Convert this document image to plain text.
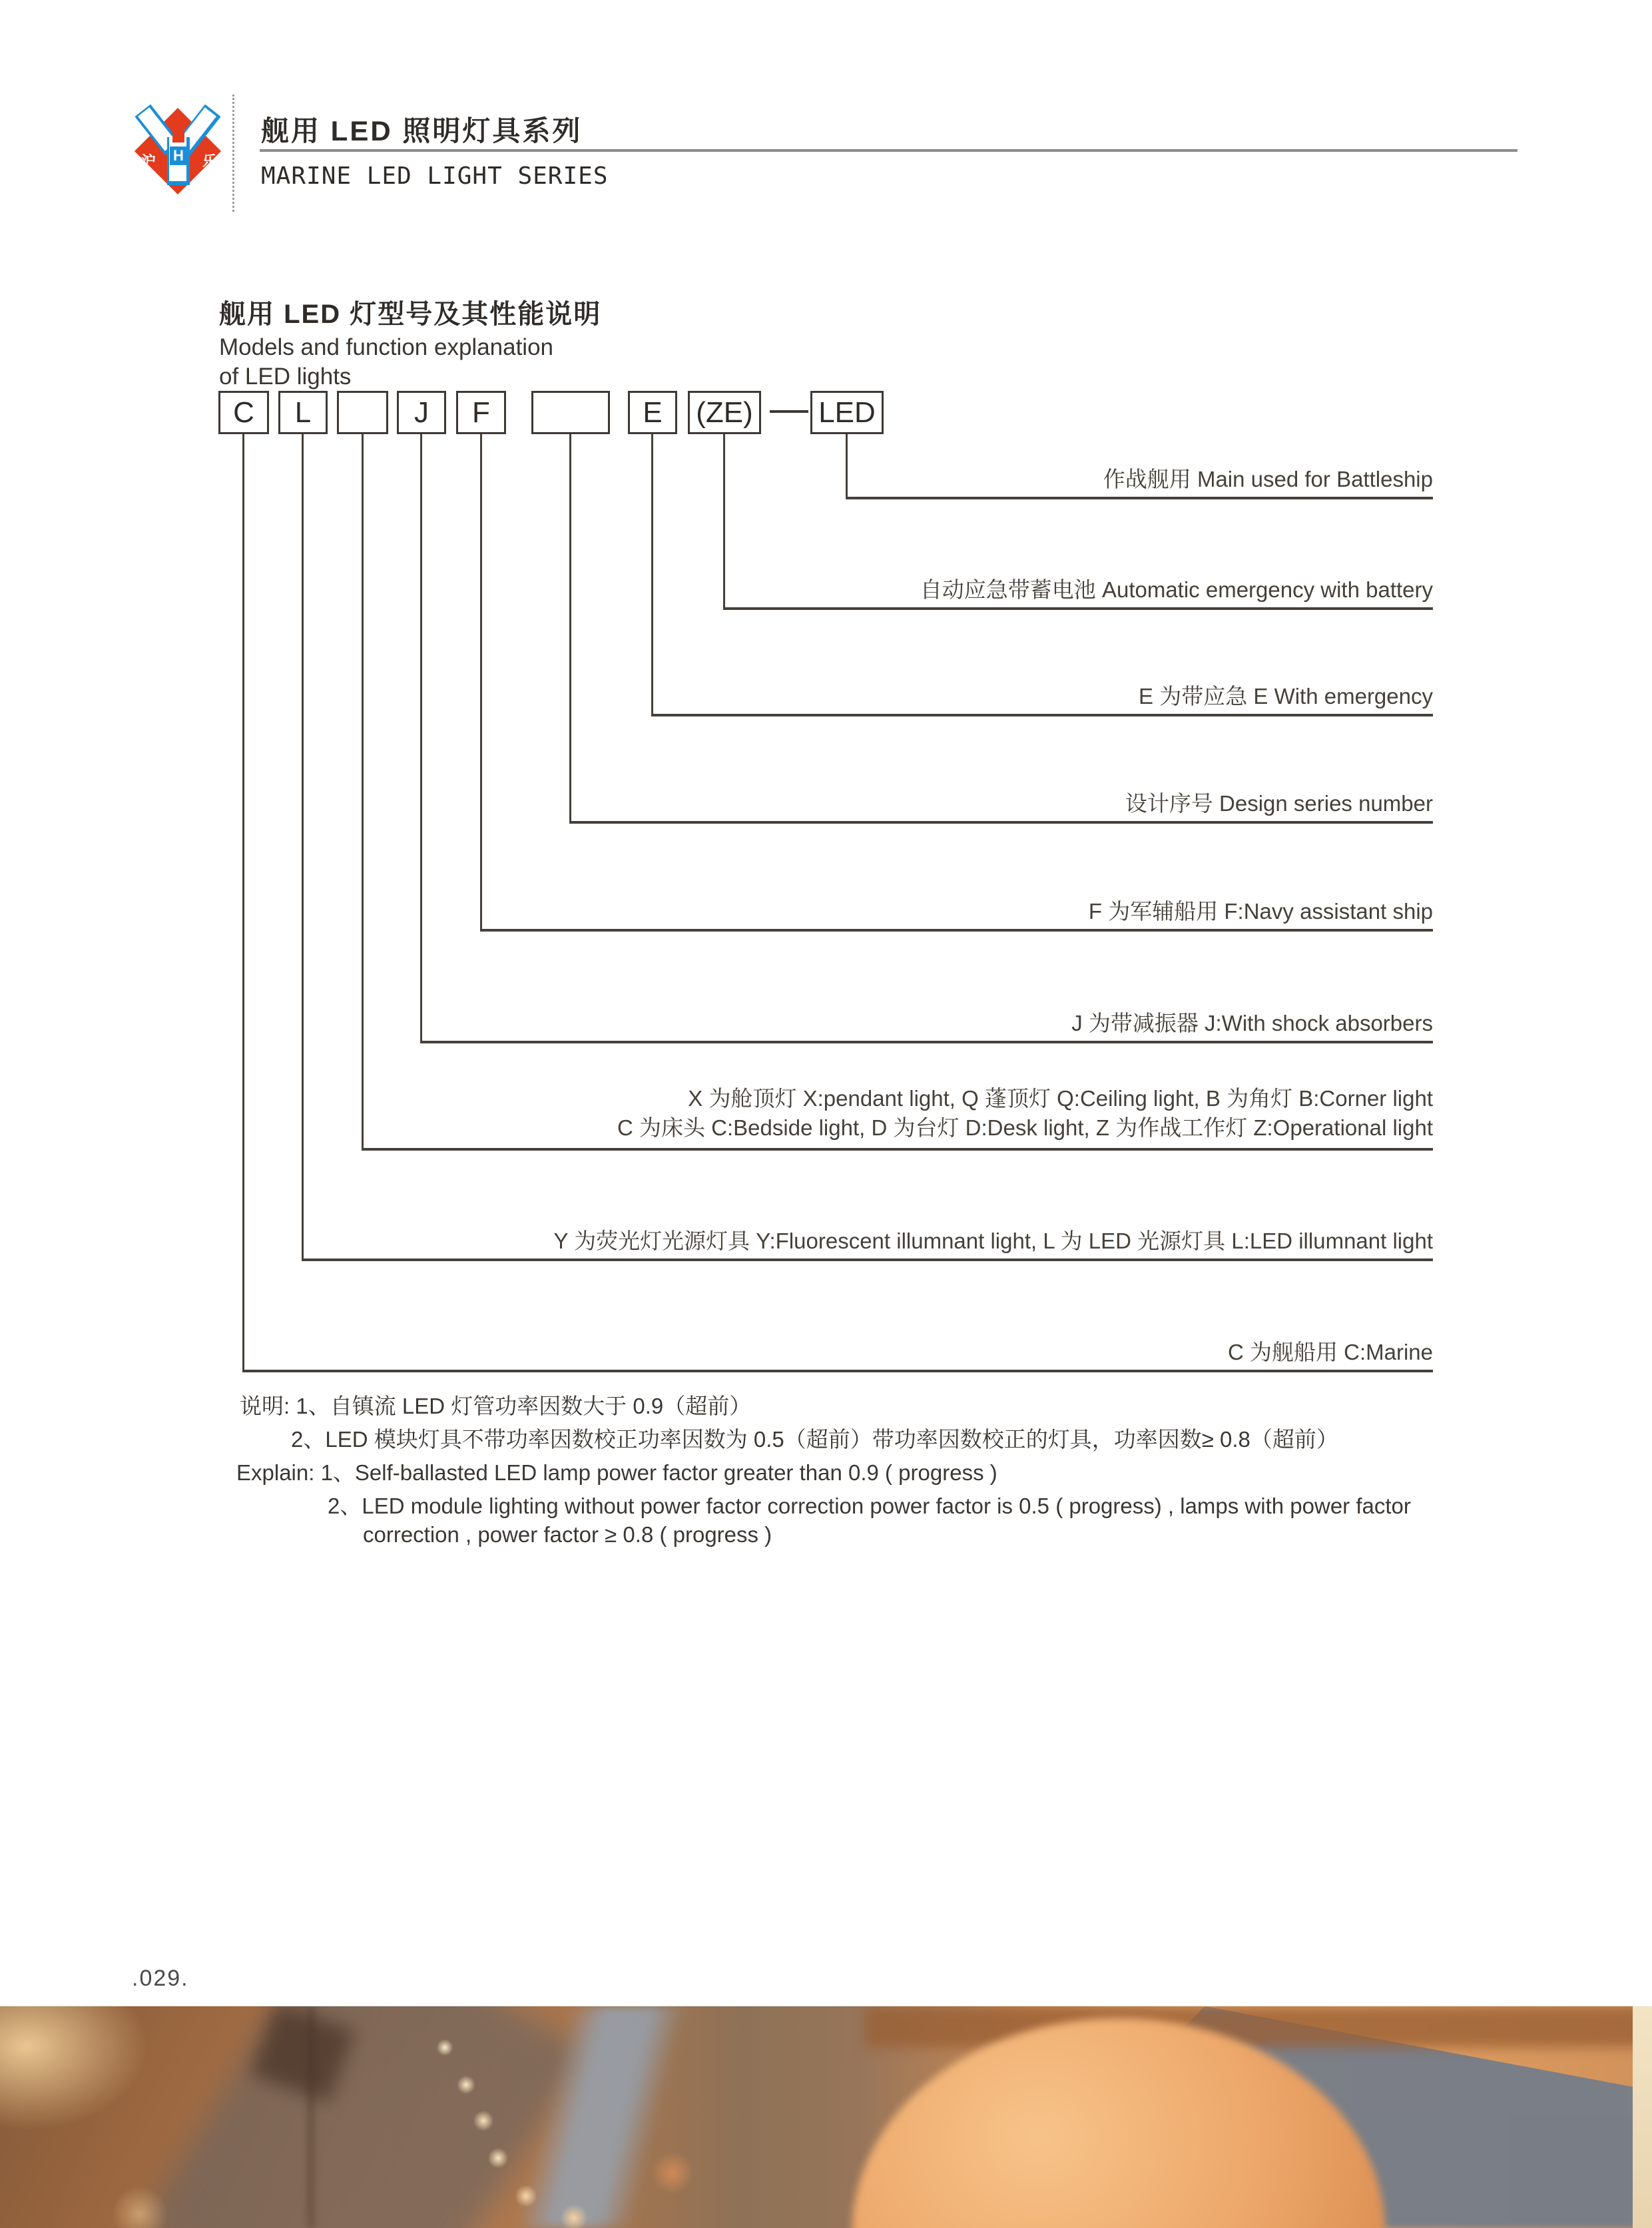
沪 H 乐
舰用 LED 照明灯具系列
MARINE LED LIGHT SERIES
舰用 LED 灯型号及其性能说明
Models and function explanation
of LED lights
C	L	J	F	E	(ZE) LED
作战舰用 Main used for Battleship
自动应急带蓄电池 Automatic emergency with battery
E 为带应急 E With emergency
设计序号 Design series number
F 为军辅船用 F:Navy assistant ship
J 为带减振器 J:With shock absorbers
X 为舱顶灯 X:pendant light, Q 蓬顶灯 Q:Ceiling light, B 为角灯 B:Corner light
C 为床头 C:Bedside light, D 为台灯 D:Desk light, Z 为作战工作灯 Z:Operational light
Y 为荧光灯光源灯具 Y:Fluorescent illumnant light, L 为 LED 光源灯具 L:LED illumnant light
C 为舰船用 C:Marine
说明: 1、自镇流 LED 灯管功率因数大于 0.9（超前）
2、LED 模块灯具不带功率因数校正功率因数为 0.5（超前）带功率因数校正的灯具，功率因数≥ 0.8（超前）
Explain: 1、Self-ballasted LED lamp power factor greater than 0.9 ( progress )
2、LED module lighting without power factor correction power factor is 0.5 ( progress) , lamps with power factor
correction , power factor ≥ 0.8 ( progress )
.029.
